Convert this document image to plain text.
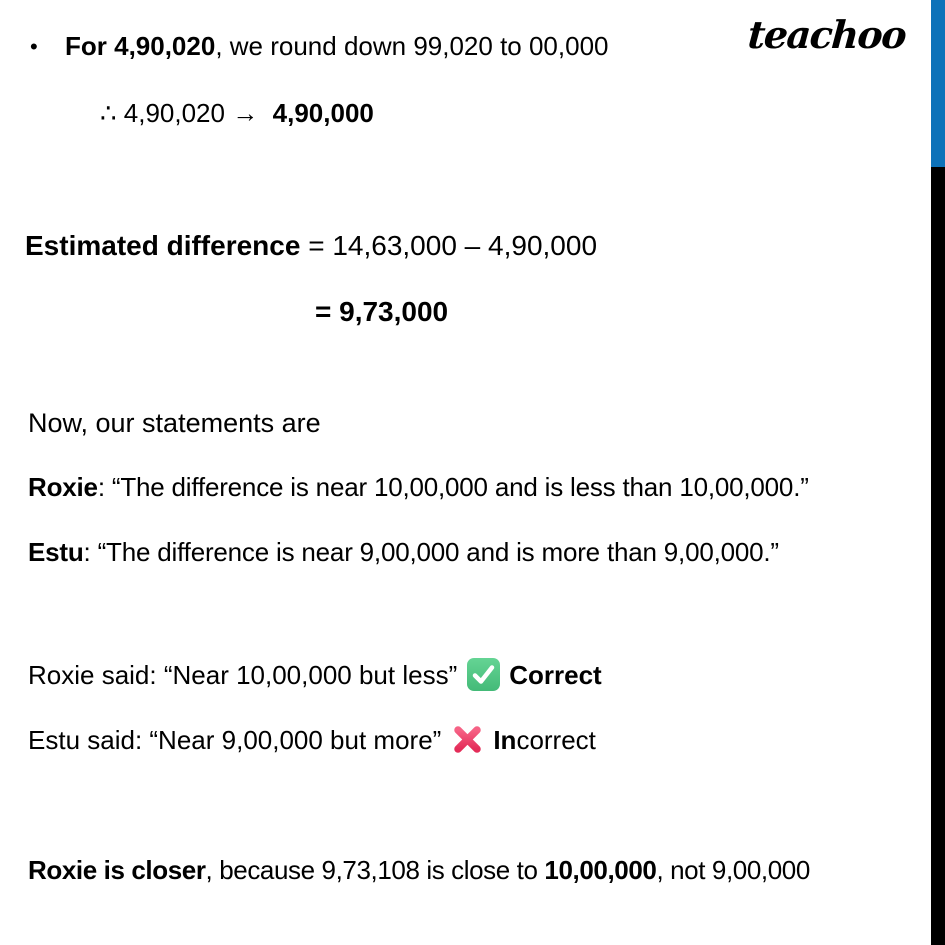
teachoo
• For 4,90,020, we round down 99,020 to 00,000
∴ 4,90,020 →  4,90,000
Estimated difference = 14,63,000 – 4,90,000
= 9,73,000
Now, our statements are
Roxie: “The difference is near 10,00,000 and is less than 10,00,000.”
Estu: “The difference is near 9,00,000 and is more than 9,00,000.”
Roxie said: “Near 10,00,000 but less” Correct
Estu said: “Near 9,00,000 but more” Incorrect
Roxie is closer, because 9,73,108 is close to 10,00,000, not 9,00,000
